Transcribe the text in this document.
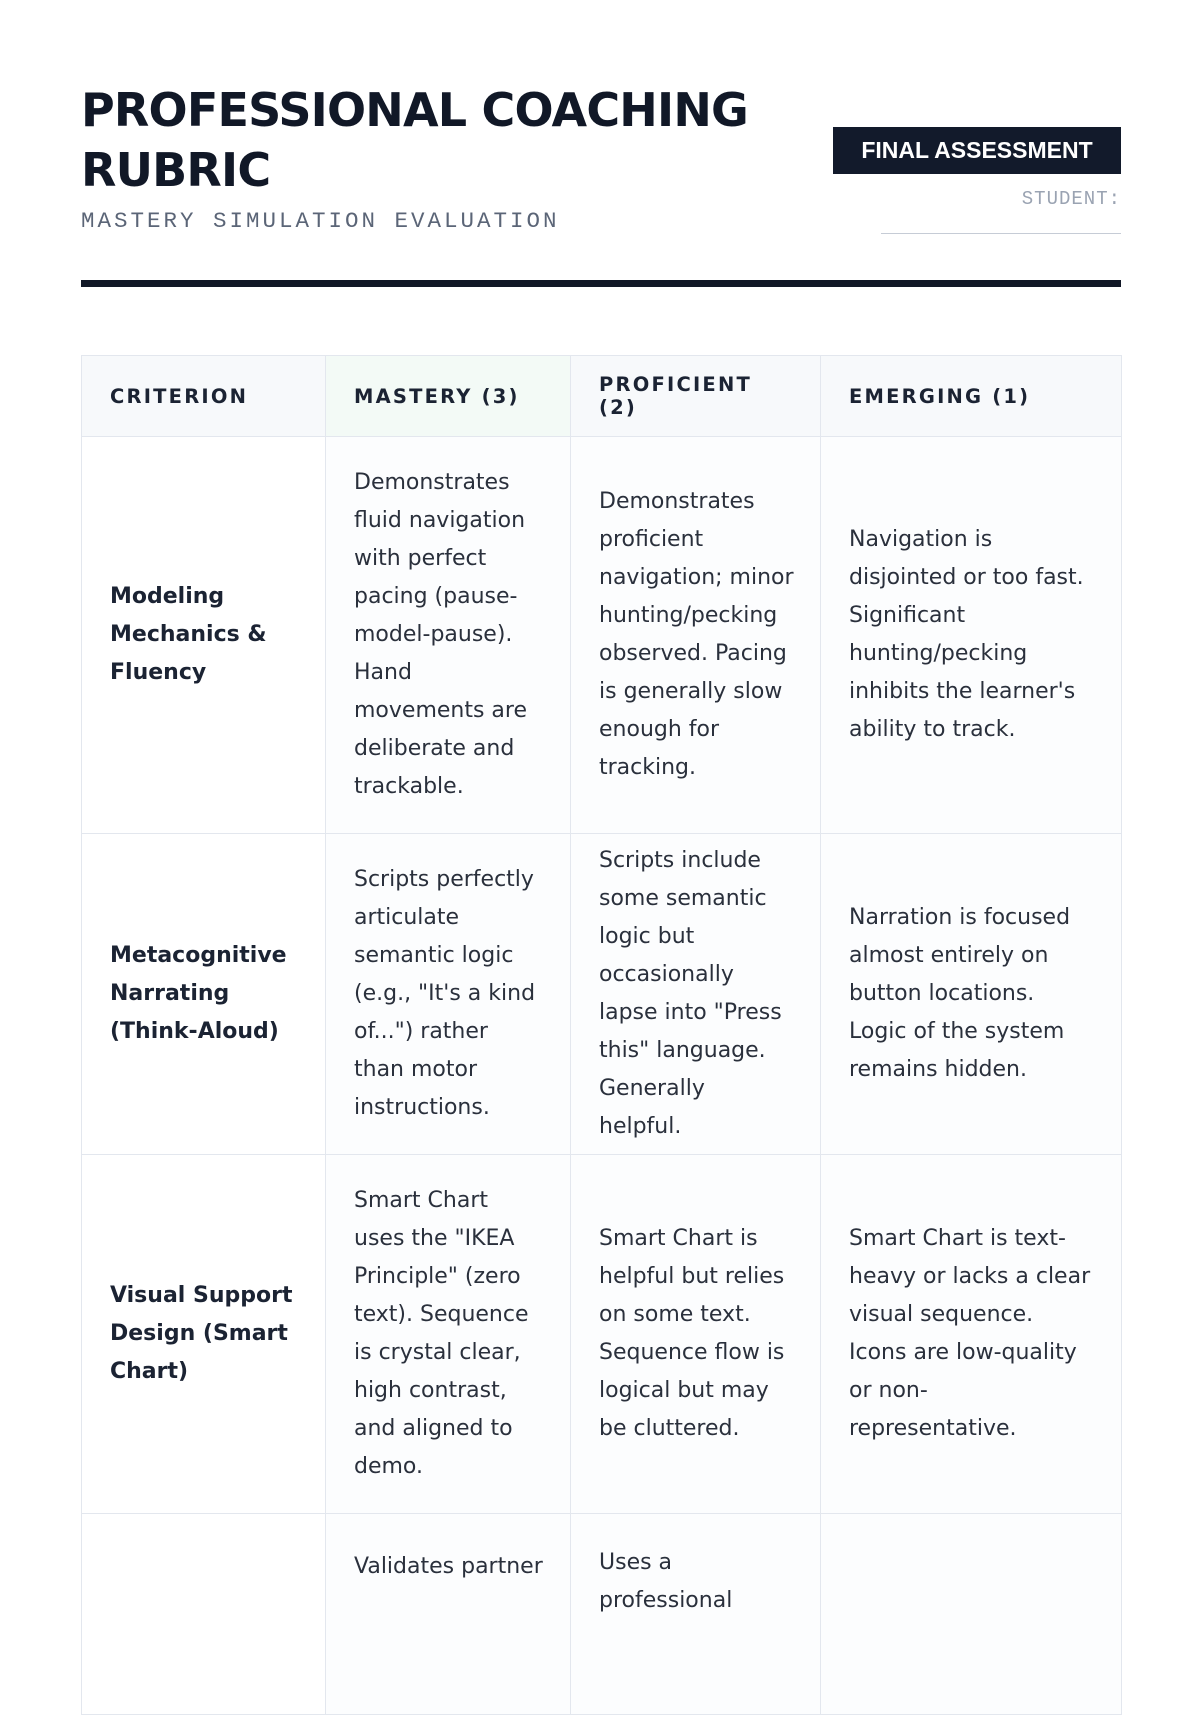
PROFESSIONAL COACHING RUBRIC
MASTERY SIMULATION EVALUATION
FINAL ASSESSMENT
STUDENT:
CRITERION	MASTERY (3)	PROFICIENT (2)	EMERGING (1)
Modeling Mechanics & Fluency	Demonstrates fluid navigation with perfect pacing (pause-model-pause). Hand movements are deliberate and trackable.	Demonstrates proficient navigation; minor hunting/pecking observed. Pacing is generally slow enough for tracking.	Navigation is disjointed or too fast. Significant hunting/pecking inhibits the learner's ability to track.
Metacognitive Narrating (Think-Aloud)	Scripts perfectly articulate semantic logic (e.g., "It's a kind of...") rather than motor instructions.	Scripts include some semantic logic but occasionally lapse into "Press this" language. Generally helpful.	Narration is focused almost entirely on button locations. Logic of the system remains hidden.
Visual Support Design (Smart Chart)	Smart Chart uses the "IKEA Principle" (zero text). Sequence is crystal clear, high contrast, and aligned to demo.	Smart Chart is helpful but relies on some text. Sequence flow is logical but may be cluttered.	Smart Chart is text-heavy or lacks a clear visual sequence. Icons are low-quality or non-representative.

	Validates partner	Uses a professional	
